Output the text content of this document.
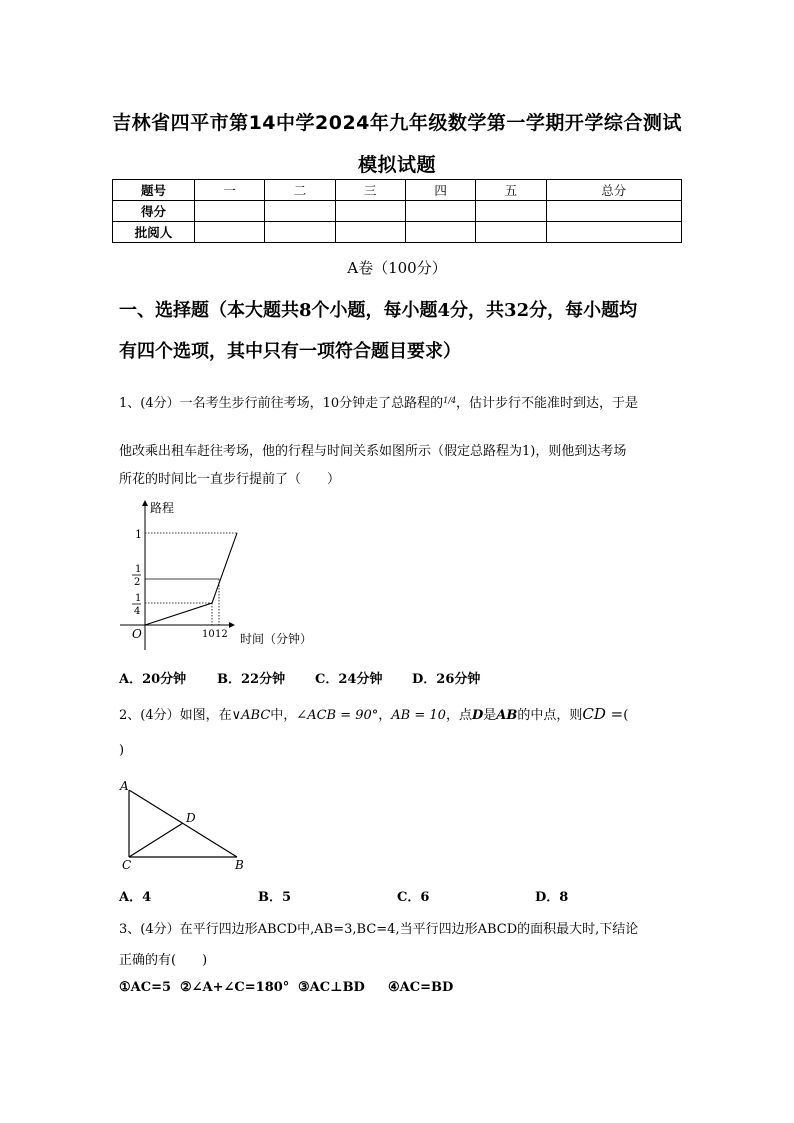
吉林省四平市第14中学2024年九年级数学第一学期开学综合测试
模拟试题
题号	一	二	三	四	五	总分
得分						
批阅人						
A卷（100分）
一、选择题（本大题共8个小题，每小题4分，共32分，每小题均
有四个选项，其中只有一项符合题目要求）
1、(4分）一名考生步行前往考场，10分钟走了总路程的$^{1/4}$，估计步行不能准时到达，于是
他改乘出租车赶往考场，他的行程与时间关系如图所示（假定总路程为1)，则他到达考场
所花的时间比一直步行提前了（　　）
路程
1
1
2
1
4
O	10 12 时间（分钟）
A．20分钟 B．22分钟 C．24分钟 D．26分钟
2、(4分）如图，在∨ABC中，∠ACB = 90°，AB = 10，点D是AB的中点，则CD =(
)
A
D
C	B
A．4	B．5	C．6	D．8
3、(4分）在平行四边形ABCD中,AB=3,BC=4,当平行四边形ABCD的面积最大时,下结论
正确的有(　　)
①AC=5 ②∠A+∠C=180° ③AC⊥BD ④AC=BD
